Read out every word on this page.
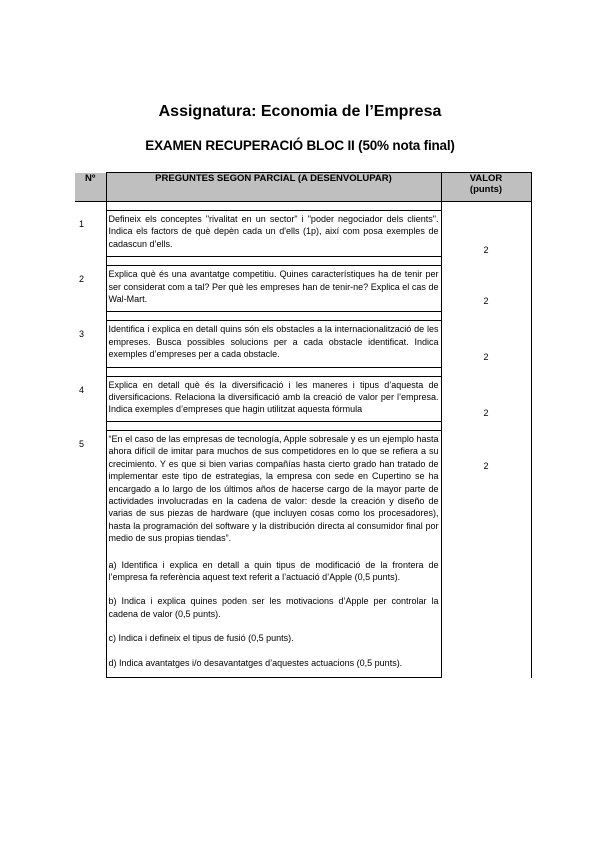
Assignatura: Economia de l’Empresa
EXAMEN RECUPERACIÓ BLOC II (50% nota final)
Nº	PREGUNTES SEGON PARCIAL (A DESENVOLUPAR)	VALOR (punts)

1	Defineix els conceptes "rivalitat en un sector" i "poder negociador dels clients". Indica els factors de què depèn cada un d'ells (1p), així com posa exemples de cadascun d’ells.	2

2	Explica què és una avantatge competitiu. Quines característiques ha de tenir per ser considerat com a tal? Per què les empreses han de tenir-ne? Explica el cas de Wal-Mart.	2

3	Identifica i explica en detall quins són els obstacles a la internacionalització de les empreses. Busca possibles solucions per a cada obstacle identificat. Indica exemples d’empreses per a cada obstacle.	2

4	Explica en detall què és la diversificació i les maneres i tipus d’aquesta de diversificacions. Relaciona la diversificació amb la creació de valor per l’empresa. Indica exemples d’empreses que hagin utilitzat aquesta fórmula	2

5	“En el caso de las empresas de tecnología, Apple sobresale y es un ejemplo hasta ahora difícil de imitar para muchos de sus competidores en lo que se refiera a su crecimiento. Y es que si bien varias compañías hasta cierto grado han tratado de implementar este tipo de estrategias, la empresa con sede en Cupertino se ha encargado a lo largo de los últimos años de hacerse cargo de la mayor parte de actividades involucradas en la cadena de valor: desde la creación y diseño de varias de sus piezas de hardware (que incluyen cosas como los procesadores), hasta la programación del software y la distribución directa al consumidor final por medio de sus propias tiendas”.
a) Identifica i explica en detall a quin tipus de modificació de la frontera de l’empresa fa referència aquest text referit a l’actuació d’Apple (0,5 punts).
b) Indica i explica quines poden ser les motivacions d’Apple per controlar la cadena de valor (0,5 punts).
c) Indica i defineix el tipus de fusió (0,5 punts).
d) Indica avantatges i/o desavantatges d’aquestes actuacions (0,5 punts).	2
